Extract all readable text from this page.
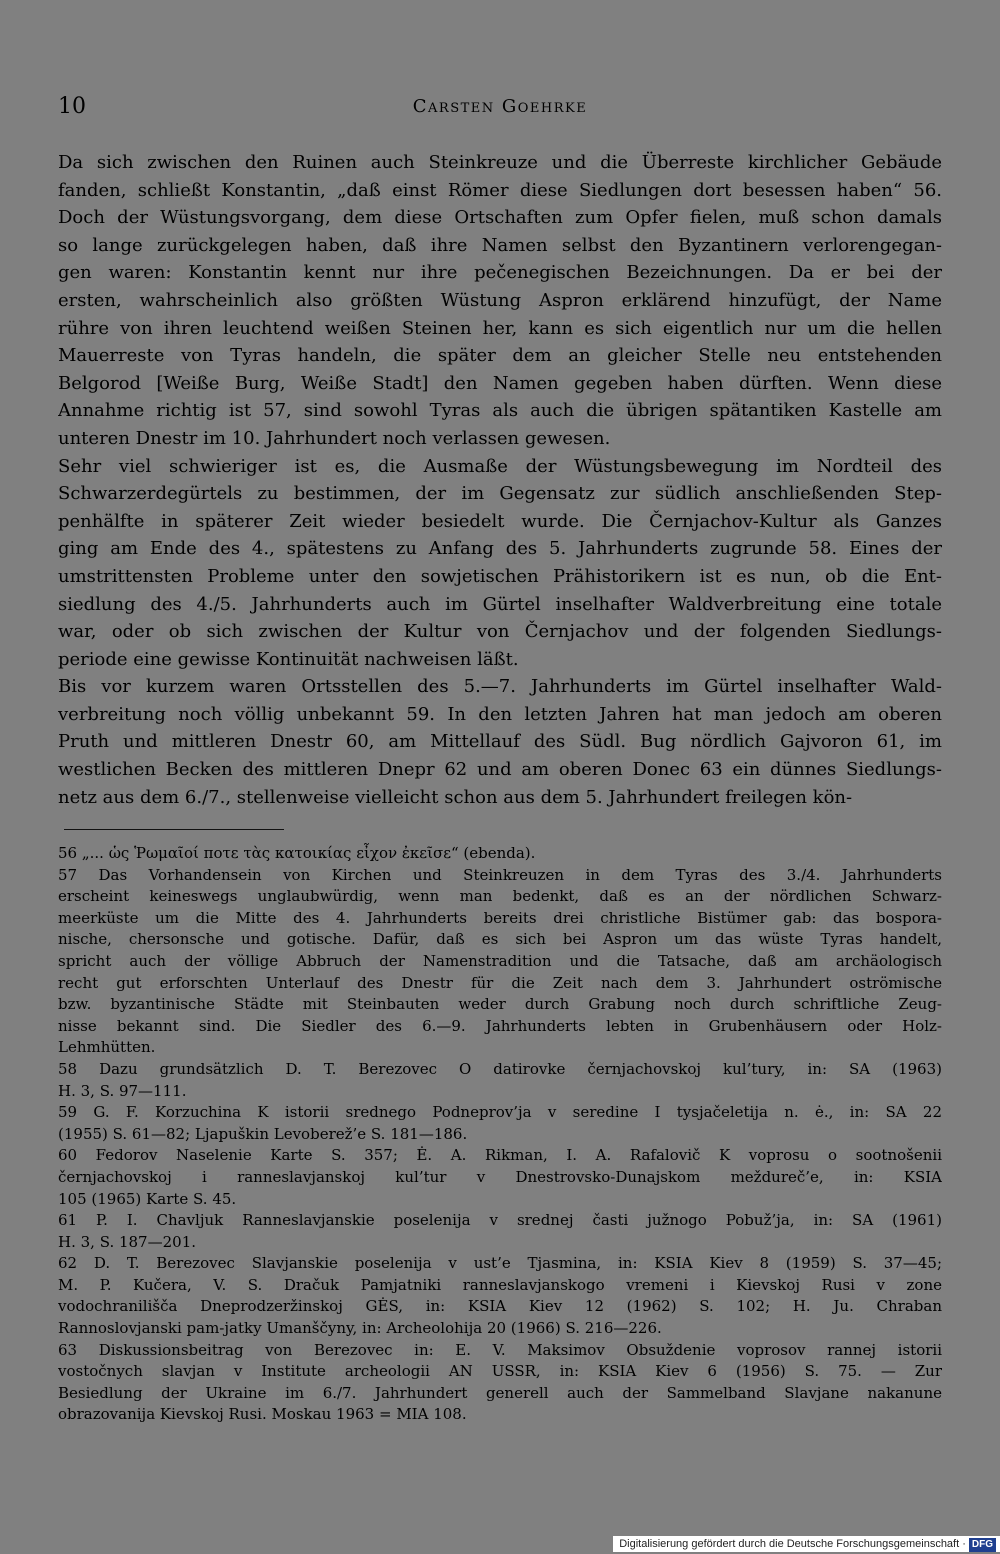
10	Carsten Goehrke
Da sich zwischen den Ruinen auch Steinkreuze und die Überreste kirchlicher Gebäude
fanden, schließt Konstantin, „daß einst Römer diese Siedlungen dort besessen haben“ 56.
Doch der Wüstungsvorgang, dem diese Ortschaften zum Opfer fielen, muß schon damals
so lange zurückgelegen haben, daß ihre Namen selbst den Byzantinern verlorengegan-
gen waren: Konstantin kennt nur ihre pečenegischen Bezeichnungen. Da er bei der
ersten, wahrscheinlich also größten Wüstung Aspron erklärend hinzufügt, der Name
rühre von ihren leuchtend weißen Steinen her, kann es sich eigentlich nur um die hellen
Mauerreste von Tyras handeln, die später dem an gleicher Stelle neu entstehenden
Belgorod [Weiße Burg, Weiße Stadt] den Namen gegeben haben dürften. Wenn diese
Annahme richtig ist 57, sind sowohl Tyras als auch die übrigen spätantiken Kastelle am
unteren Dnestr im 10. Jahrhundert noch verlassen gewesen.
Sehr viel schwieriger ist es, die Ausmaße der Wüstungsbewegung im Nordteil des
Schwarzerdegürtels zu bestimmen, der im Gegensatz zur südlich anschließenden Step-
penhälfte in späterer Zeit wieder besiedelt wurde. Die Černjachov-Kultur als Ganzes
ging am Ende des 4., spätestens zu Anfang des 5. Jahrhunderts zugrunde 58. Eines der
umstrittensten Probleme unter den sowjetischen Prähistorikern ist es nun, ob die Ent-
siedlung des 4./5. Jahrhunderts auch im Gürtel inselhafter Waldverbreitung eine totale
war, oder ob sich zwischen der Kultur von Černjachov und der folgenden Siedlungs-
periode eine gewisse Kontinuität nachweisen läßt.
Bis vor kurzem waren Ortsstellen des 5.—7. Jahrhunderts im Gürtel inselhafter Wald-
verbreitung noch völlig unbekannt 59. In den letzten Jahren hat man jedoch am oberen
Pruth und mittleren Dnestr 60, am Mittellauf des Südl. Bug nördlich Gajvoron 61, im
westlichen Becken des mittleren Dnepr 62 und am oberen Donec 63 ein dünnes Siedlungs-
netz aus dem 6./7., stellenweise vielleicht schon aus dem 5. Jahrhundert freilegen kön-
56 „... ὡς Ῥωμαῖοί ποτε τὰς κατοικίας εἶχον ἐκεῖσε“ (ebenda).
57 Das Vorhandensein von Kirchen und Steinkreuzen in dem Tyras des 3./4. Jahrhunderts
erscheint keineswegs unglaubwürdig, wenn man bedenkt, daß es an der nördlichen Schwarz-
meerküste um die Mitte des 4. Jahrhunderts bereits drei christliche Bistümer gab: das bospora-
nische, chersonsche und gotische. Dafür, daß es sich bei Aspron um das wüste Tyras handelt,
spricht auch der völlige Abbruch der Namenstradition und die Tatsache, daß am archäologisch
recht gut erforschten Unterlauf des Dnestr für die Zeit nach dem 3. Jahrhundert oströmische
bzw. byzantinische Städte mit Steinbauten weder durch Grabung noch durch schriftliche Zeug-
nisse bekannt sind. Die Siedler des 6.—9. Jahrhunderts lebten in Grubenhäusern oder Holz-
Lehmhütten.
58 Dazu grundsätzlich D. T. Berezovec O datirovke černjachovskoj kul’tury, in: SA (1963)
H. 3, S. 97—111.
59 G. F. Korzuchina K istorii srednego Podneprov’ja v seredine I tysjačeletija n. ė., in: SA 22
(1955) S. 61—82; Ljapuškin Levoberež’e S. 181—186.
60 Fedorov Naselenie Karte S. 357; Ė. A. Rikman, I. A. Rafalovič K voprosu o sootnošenii
černjachovskoj i ranneslavjanskoj kul’tur v Dnestrovsko-Dunajskom meždureč’e, in: KSIA
105 (1965) Karte S. 45.
61 P. I. Chavljuk Ranneslavjanskie poselenija v srednej časti južnogo Pobuž’ja, in: SA (1961)
H. 3, S. 187—201.
62 D. T. Berezovec Slavjanskie poselenija v ust’e Tjasmina, in: KSIA Kiev 8 (1959) S. 37—45;
M. P. Kučera, V. S. Dračuk Pamjatniki ranneslavjanskogo vremeni i Kievskoj Rusi v zone
vodochranilišča Dneprodzeržinskoj GĖS, in: KSIA Kiev 12 (1962) S. 102; H. Ju. Chraban
Rannoslovjanski pam-jatky Umanščyny, in: Archeolohija 20 (1966) S. 216—226.
63 Diskussionsbeitrag von Berezovec in: E. V. Maksimov Obsuždenie voprosov rannej istorii
vostočnych slavjan v Institute archeologii AN USSR, in: KSIA Kiev 6 (1956) S. 75. — Zur
Besiedlung der Ukraine im 6./7. Jahrhundert generell auch der Sammelband Slavjane nakanune
obrazovanija Kievskoj Rusi. Moskau 1963 = MIA 108.
Digitalisierung gefördert durch die Deutsche Forschungsgemeinschaft · DFG
